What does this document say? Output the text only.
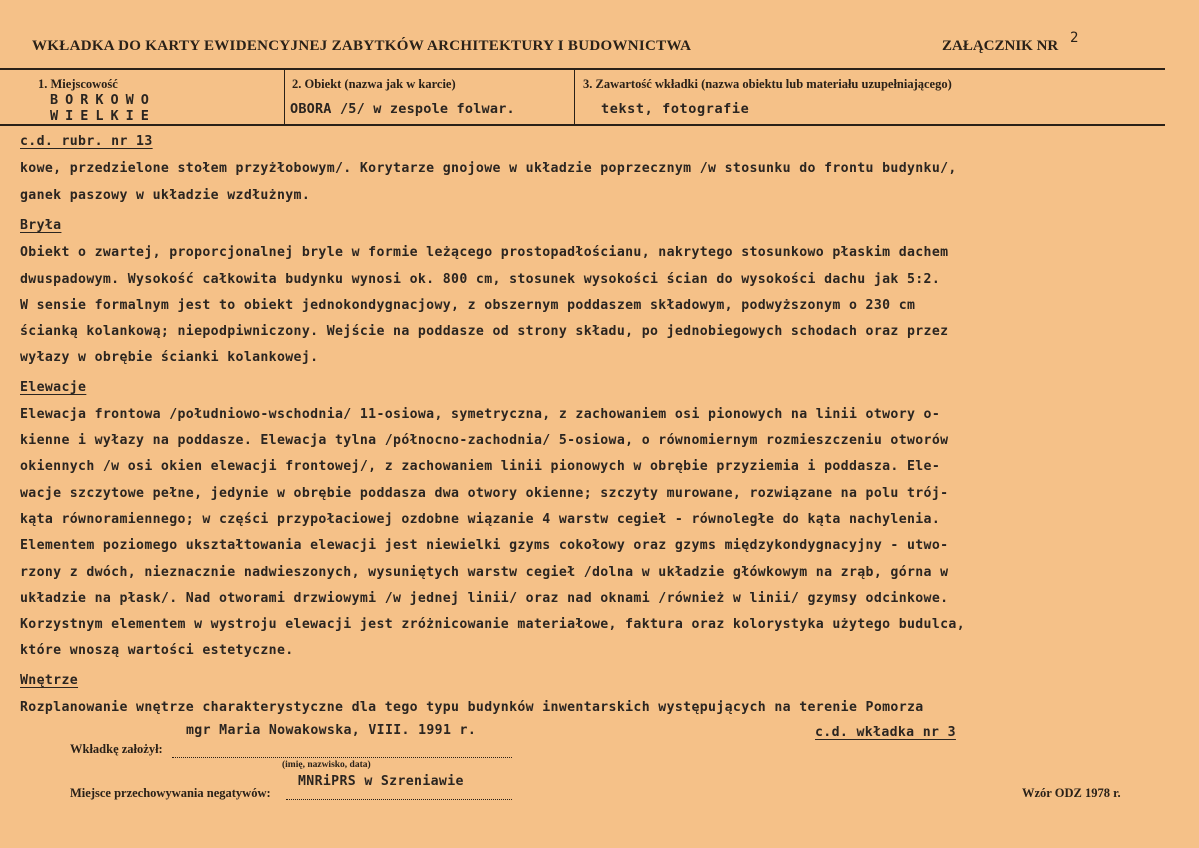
WKŁADKA DO KARTY EWIDENCYJNEJ ZABYTKÓW ARCHITEKTURY I BUDOWNICTWA	ZAŁĄCZNIK NR 2
1. Miejscowość
BORKOWO
WIELKIE
2. Obiekt (nazwa jak w karcie)
OBORA /5/ w zespole folwar.
3. Zawartość wkładki (nazwa obiektu lub materiału uzupełniającego)
tekst, fotografie
c.d. rubr. nr 13
kowe, przedzielone stołem przyżłobowym/. Korytarze gnojowe w układzie poprzecznym /w stosunku do frontu budynku/,
ganek paszowy w układzie wzdłużnym.
Bryła
Obiekt o zwartej, proporcjonalnej bryle w formie leżącego prostopadłościanu, nakrytego stosunkowo płaskim dachem
dwuspadowym. Wysokość całkowita budynku wynosi ok. 800 cm, stosunek wysokości ścian do wysokości dachu jak 5:2.
W sensie formalnym jest to obiekt jednokondygnacjowy, z obszernym poddaszem składowym, podwyższonym o 230 cm
ścianką kolankową; niepodpiwniczony. Wejście na poddasze od strony składu, po jednobiegowych schodach oraz przez
wyłazy w obrębie ścianki kolankowej.
Elewacje
Elewacja frontowa /południowo-wschodnia/ 11-osiowa, symetryczna, z zachowaniem osi pionowych na linii otwory o-
kienne i wyłazy na poddasze. Elewacja tylna /północno-zachodnia/ 5-osiowa, o równomiernym rozmieszczeniu otworów
okiennych /w osi okien elewacji frontowej/, z zachowaniem linii pionowych w obrębie przyziemia i poddasza. Ele-
wacje szczytowe pełne, jedynie w obrębie poddasza dwa otwory okienne; szczyty murowane, rozwiązane na polu trój-
kąta równoramiennego; w części przypołaciowej ozdobne wiązanie 4 warstw cegieł - równoległe do kąta nachylenia.
Elementem poziomego ukształtowania elewacji jest niewielki gzyms cokołowy oraz gzyms międzykondygnacyjny - utwo-
rzony z dwóch, nieznacznie nadwieszonych, wysuniętych warstw cegieł /dolna w układzie główkowym na zrąb, górna w
układzie na płask/. Nad otworami drzwiowymi /w jednej linii/ oraz nad oknami /również w linii/ gzymsy odcinkowe.
Korzystnym elementem w wystroju elewacji jest zróżnicowanie materiałowe, faktura oraz kolorystyka użytego budulca,
które wnoszą wartości estetyczne.
Wnętrze
Rozplanowanie wnętrze charakterystyczne dla tego typu budynków inwentarskich występujących na terenie Pomorza
Wkładkę założył:
mgr Maria Nowakowska, VIII. 1991 r.
(imię, nazwisko, data)
c.d. wkładka nr 3
Miejsce przechowywania negatywów:
MNRiPRS w Szreniawie
Wzór ODZ 1978 r.
